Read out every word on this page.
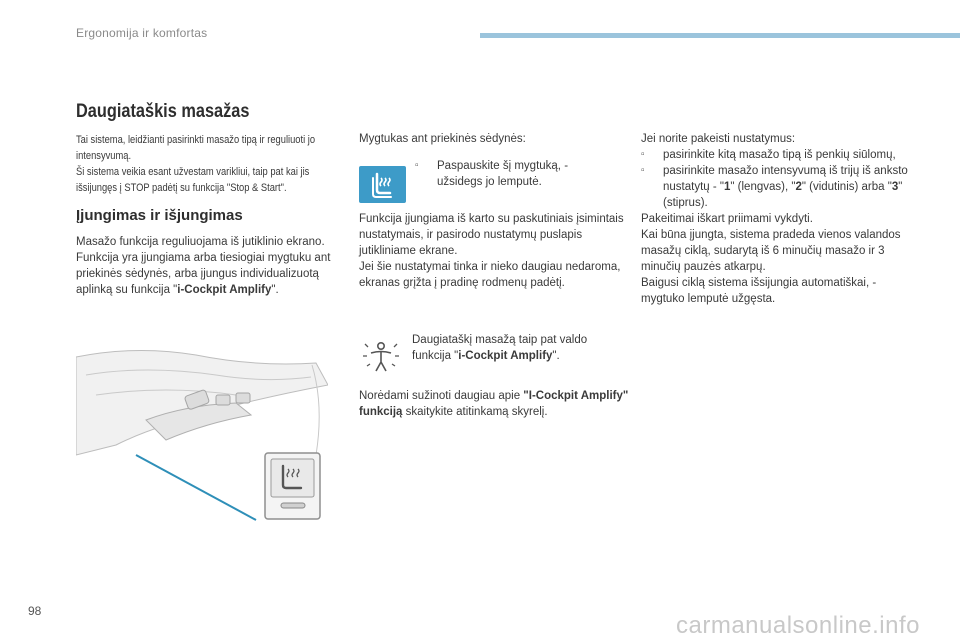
Ergonomija ir komfortas
Daugiataškis masažas

Tai sistema, leidžianti pasirinkti masažo tipą ir reguliuoti jo intensyvumą.

Ši sistema veikia esant užvestam varikliui, taip pat kai jis išsijungęs į STOP padėtį su funkcija "Stop & Start".

Įjungimas ir išjungimas

Masažo funkcija reguliuojama iš jutiklinio ekrano.

Funkcija yra įjungiama arba tiesiogiai mygtuku ant priekinės sėdynės, arba įjungus individualizuotą aplinką su funkcija "i-Cockpit Amplify".

Mygtukas ant priekinės sėdynės:

▫	Paspauskite šį mygtuką, - užsidegs jo lemputė.

Funkcija įjungiama iš karto su paskutiniais įsimintais nustatymais, ir pasirodo nustatymų puslapis jutikliniame ekrane.

Jei šie nustatymai tinka ir nieko daugiau nedaroma, ekranas grįžta į pradinę rodmenų padėtį.

Daugiataškį masažą taip pat valdo funkcija "i-Cockpit Amplify".

Norėdami sužinoti daugiau apie "I-Cockpit Amplify" funkciją skaitykite atitinkamą skyrelį.

Jei norite pakeisti nustatymus:

▫	pasirinkite kitą masažo tipą iš penkių siūlomų,

▫	pasirinkite masažo intensyvumą iš trijų iš anksto nustatytų - "1" (lengvas), "2" (vidutinis) arba "3" (stiprus).

Pakeitimai iškart priimami vykdyti.

Kai būna įjungta, sistema pradeda vienos valandos masažų ciklą, sudarytą iš 6 minučių masažo ir 3 minučių pauzės atkarpų.

Baigusi ciklą sistema išsijungia automatiškai, - mygtuko lemputė užgęsta.

98
carmanualsonline.info
